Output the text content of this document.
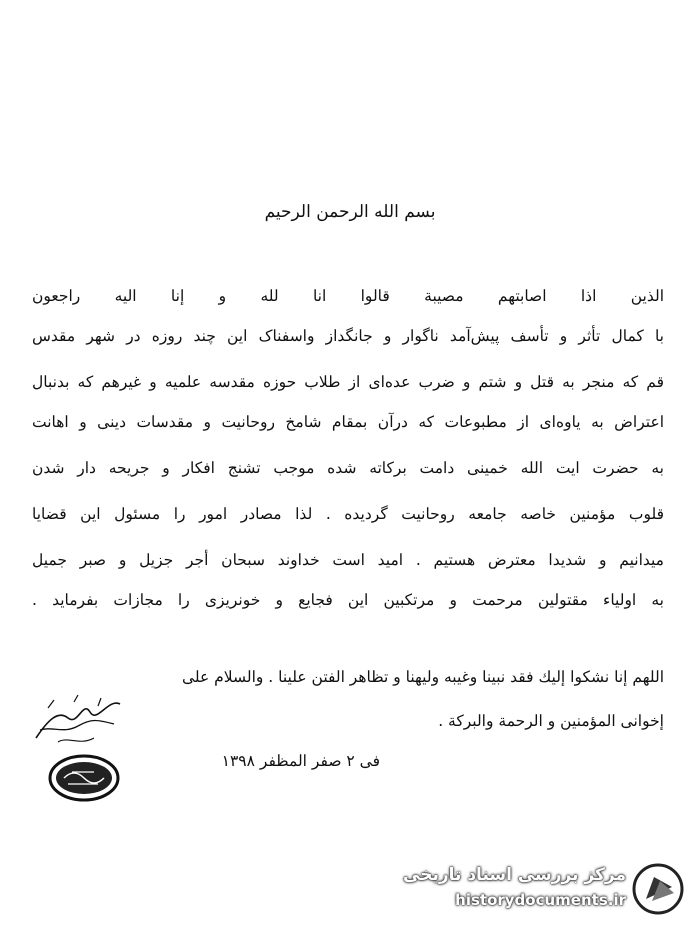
بسم الله الرحمن الرحيم
الذين اذا اصابتهم مصيبة قالوا انا لله و إنا اليه راجعون
با کمال تأثر و تأسف پیش‌آمد ناگوار و جانگداز واسفناک این چند روزه در شهر مقدس
قم که منجر به قتل و شتم و ضرب عده‌ای از طلاب حوزه مقدسه علمیه و غیرهم که بدنبال
اعتراض به یاوه‌ای از مطبوعات که درآن بمقام شامخ روحانیت و مقدسات دینی و اهانت
به حضرت ایت الله خمینی دامت برکاته شده موجب تشنج افکار و جریحه دار شدن
قلوب مؤمنین خاصه جامعه روحانیت گردیده . لذا مصادر امور را مسئول این قضایا
میدانیم و شدیدا معترض هستیم . امید است خداوند سبحان أجر جزیل و صبر جمیل
به اولیاء مقتولین مرحمت و مرتکبین این فجایع و خونریزی را مجازات بفرماید .
اللهم إنا نشکوا إلیك فقد نبینا وغیبه ولیهنا و تظاهر الفتن علینا . والسلام علی
إخوانی المؤمنین و الرحمة والبرکة .
فی ۲ صفر المظفر ۱۳۹۸
مرکز بررسی اسناد تاریخی
historydocuments.ir
